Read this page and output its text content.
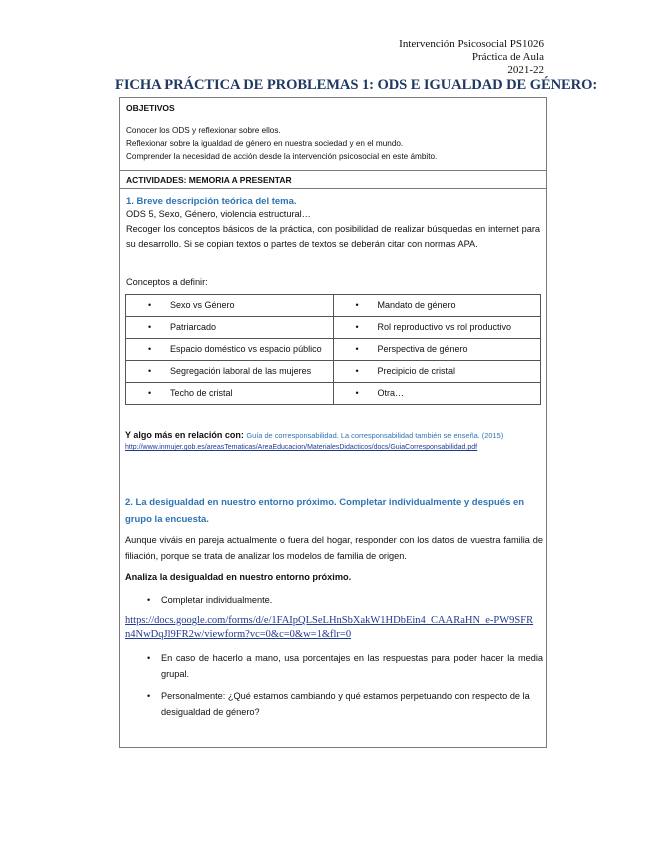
Intervención Psicosocial PS1026
Práctica de Aula
2021-22
FICHA PRÁCTICA DE PROBLEMAS 1: ODS E IGUALDAD DE GÉNERO:
OBJETIVOS
Conocer los ODS y reflexionar sobre ellos.
Reflexionar sobre la igualdad de género en nuestra sociedad y en el mundo.
Comprender la necesidad de acción desde la intervención psicosocial en este ámbito.
ACTIVIDADES: MEMORIA A PRESENTAR
1. Breve descripción teórica del tema.
ODS 5, Sexo, Género, violencia estructural…
Recoger los conceptos básicos de la práctica, con posibilidad de realizar búsquedas en internet para su desarrollo. Si se copian textos o partes de textos se deberán citar con normas APA.
Conceptos a definir:
• Sexo vs Género	• Mandato de género

• Patriarcado	• Rol reproductivo vs rol productivo

• Espacio doméstico vs espacio público	• Perspectiva de género

• Segregación laboral de las mujeres	• Precipicio de cristal

• Techo de cristal	• Otra…
Y algo más en relación con: Guía de corresponsabilidad. La corresponsabilidad también se enseña. (2015)
http://www.inmujer.gob.es/areasTematicas/AreaEducacion/MaterialesDidacticos/docs/GuiaCorresponsabilidad.pdf
2. La desigualdad en nuestro entorno próximo. Completar individualmente y después en grupo la encuesta.
Aunque viváis en pareja actualmente o fuera del hogar, responder con los datos de vuestra familia de filiación, porque se trata de analizar los modelos de familia de origen.
Analiza la desigualdad en nuestro entorno próximo.
• Completar individualmente.
https://docs.google.com/forms/d/e/1FAIpQLSeLHnSbXakW1HDbEin4_CAARaHN_e-PW9SFRn4NwDqJl9FR2w/viewform?vc=0&c=0&w=1&flr=0
• En caso de hacerlo a mano, usa porcentajes en las respuestas para poder hacer la media grupal.
• Personalmente: ¿Qué estamos cambiando y qué estamos perpetuando con respecto de la desigualdad de género?
